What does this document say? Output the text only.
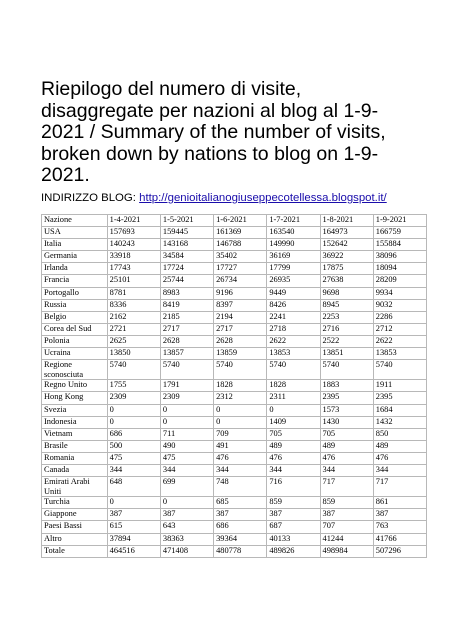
Riepilogo del numero di visite,
disaggregate per nazioni al blog al 1-9-
2021 / Summary of the number of visits,
broken down by nations to blog on 1-9-
2021.
INDIRIZZO BLOG: http://genioitalianogiuseppecotellessa.blogspot.it/
Nazione	1-4-2021	1-5-2021	1-6-2021	1-7-2021	1-8-2021	1-9-2021
USA	157693	159445	161369	163540	164973	166759
Italia	140243	143168	146788	149990	152642	155884
Germania	33918	34584	35402	36169	36922	38096
Irlanda	17743	17724	17727	17799	17875	18094
Francia	25101	25744	26734	26935	27638	28209
Portogallo	8781	8983	9196	9449	9698	9934
Russia	8336	8419	8397	8426	8945	9032
Belgio	2162	2185	2194	2241	2253	2286
Corea del Sud	2721	2717	2717	2718	2716	2712
Polonia	2625	2628	2628	2622	2522	2622
Ucraina	13850	13857	13859	13853	13851	13853
Regione sconosciuta	5740	5740	5740	5740	5740	5740
Regno Unito	1755	1791	1828	1828	1883	1911
Hong Kong	2309	2309	2312	2311	2395	2395
Svezia	0	0	0	0	1573	1684
Indonesia	0	0	0	1409	1430	1432
Vietnam	686	711	709	705	705	850
Brasile	500	490	491	489	489	489
Romania	475	475	476	476	476	476
Canada	344	344	344	344	344	344
Emirati Arabi Uniti	648	699	748	716	717	717
Turchia	0	0	685	859	859	861
Giappone	387	387	387	387	387	387
Paesi Bassi	615	643	686	687	707	763
Altro	37894	38363	39364	40133	41244	41766
Totale	464516	471408	480778	489826	498984	507296
